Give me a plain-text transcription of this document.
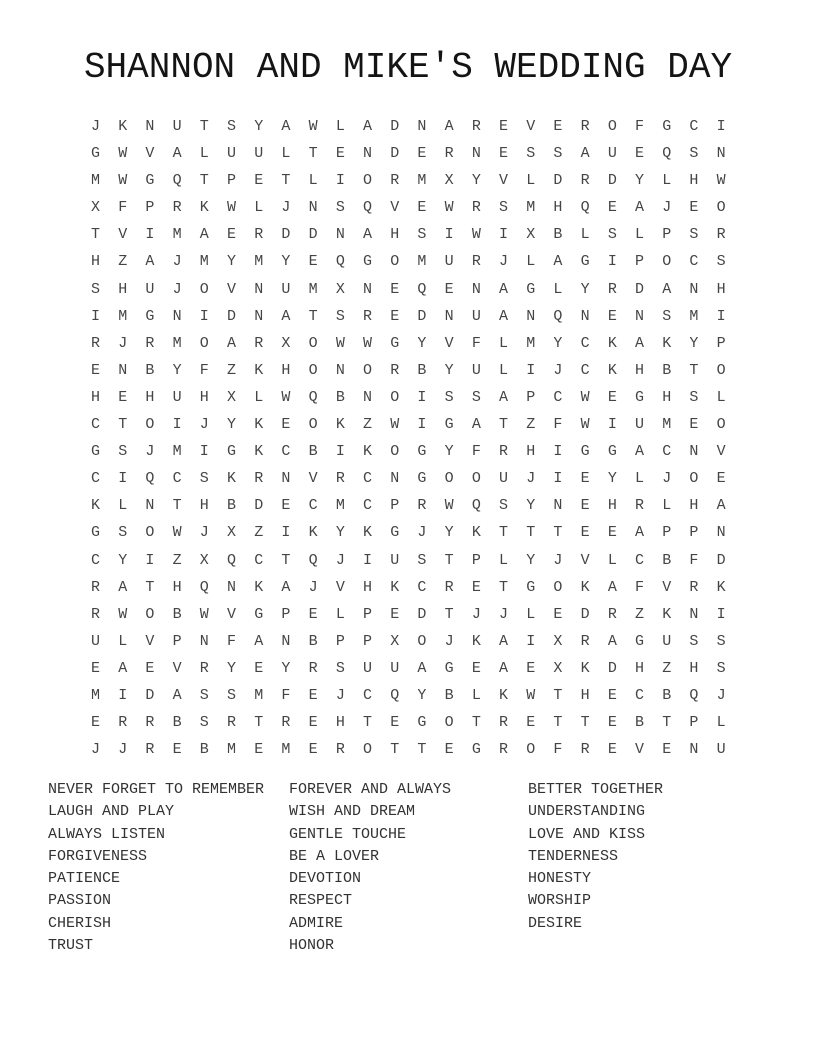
SHANNON AND MIKE'S WEDDING DAY
JKNUTSYAWLADNAREVEROFGCI
GWVALUULTENDERNESSAUEQSN
MWGQTPETLIORMXYVLDRDYLHW
XFPRKWLJNSQVEWRSMHQEAJEO
TVIMAERDDNAHSIWIXBLSLPSR
HZAJMYMYEQGOMURJLAGIPOCS
SHUJOVNUMXNEQENAGLYRDANH
IMGNIDNATSREDNUANQNENSMI
RJRMOARXOWWGYVFLMYCKAKYP
ENBYFZKHONORBYULIJCKHBTO
HEHUHXLWQBNOISSAPCWEGHSL
CTOIJYKEOKZWIGATZFWIUMEO
GSJMIGKCBIKOGYFRHIGGACNV
CIQCSKRNVRCNGOOUJIEYLJOE
KLNTHBDECMCPRWQSYNEHRLHA
GSOWJXZIKYKGJYKTTTEEAPPN
CYIZXQCTQJIUSTPLYJVLCBFD
RATHQNKAJVHKCRETGOKAFVRK
RWOBWVGPELPEDTJJLEDRZKNI
ULVPNFANBPPXOJKAIXRAGUSS
EAEVRYEYRSUUAGEAEXKDHZHS
MIDASSMFEJCQYBLKWTHECBQJ
ERRBSRTREHTEGOTRETTEBTPL
JJREBMEMEROTTEGROFREVENU
NEVER FORGET TO REMEMBER
LAUGH AND PLAY
ALWAYS LISTEN
FORGIVENESS
PATIENCE
PASSION
CHERISH
TRUST
FOREVER AND ALWAYS
WISH AND DREAM
GENTLE TOUCHE
BE A LOVER
DEVOTION
RESPECT
ADMIRE
HONOR
BETTER TOGETHER
UNDERSTANDING
LOVE AND KISS
TENDERNESS
HONESTY
WORSHIP
DESIRE
